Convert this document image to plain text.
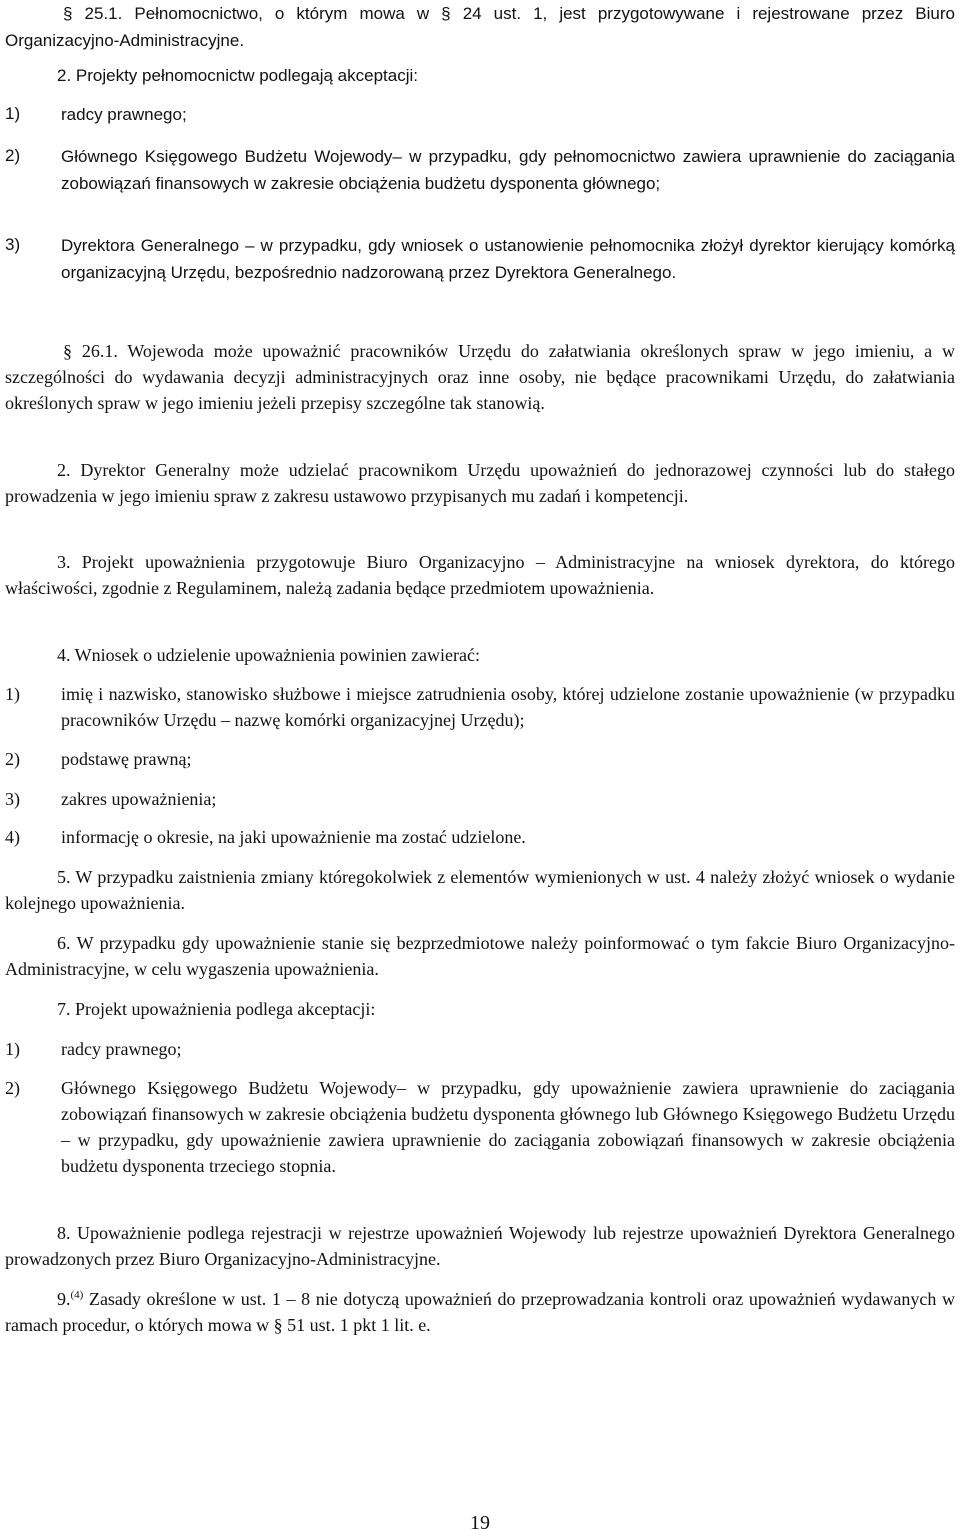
§ 25.1. Pełnomocnictwo, o którym mowa w § 24 ust. 1, jest przygotowywane i rejestrowane przez Biuro Organizacyjno-Administracyjne.

2. Projekty pełnomocnictw podlegają akceptacji:

1) radcy prawnego;
2) Głównego Księgowego Budżetu Wojewody– w przypadku, gdy pełnomocnictwo zawiera uprawnienie do zaciągania zobowiązań finansowych w zakresie obciążenia budżetu dysponenta głównego;
3) Dyrektora Generalnego – w przypadku, gdy wniosek o ustanowienie pełnomocnika złożył dyrektor kierujący komórką organizacyjną Urzędu, bezpośrednio nadzorowaną przez Dyrektora Generalnego.

§ 26.1. Wojewoda może upoważnić pracowników Urzędu do załatwiania określonych spraw w jego imieniu, a w szczególności do wydawania decyzji administracyjnych oraz inne osoby, nie będące pracownikami Urzędu, do załatwiania określonych spraw w jego imieniu jeżeli przepisy szczególne tak stanowią.

2. Dyrektor Generalny może udzielać pracownikom Urzędu upoważnień do jednorazowej czynności lub do stałego prowadzenia w jego imieniu spraw z zakresu ustawowo przypisanych mu zadań i kompetencji.

3. Projekt upoważnienia przygotowuje Biuro Organizacyjno – Administracyjne na wniosek dyrektora, do którego właściwości, zgodnie z Regulaminem, należą zadania będące przedmiotem upoważnienia.

4. Wniosek o udzielenie upoważnienia powinien zawierać:

1) imię i nazwisko, stanowisko służbowe i miejsce zatrudnienia osoby, której udzielone zostanie upoważnienie (w przypadku pracowników Urzędu – nazwę komórki organizacyjnej Urzędu);
2) podstawę prawną;
3) zakres upoważnienia;
4) informację o okresie, na jaki upoważnienie ma zostać udzielone.

5. W przypadku zaistnienia zmiany któregokolwiek z elementów wymienionych w ust. 4 należy złożyć wniosek o wydanie kolejnego upoważnienia.

6. W przypadku gdy upoważnienie stanie się bezprzedmiotowe należy poinformować o tym fakcie Biuro Organizacyjno-Administracyjne, w celu wygaszenia upoważnienia.

7. Projekt upoważnienia podlega akceptacji:

1) radcy prawnego;
2) Głównego Księgowego Budżetu Wojewody– w przypadku, gdy upoważnienie zawiera uprawnienie do zaciągania zobowiązań finansowych w zakresie obciążenia budżetu dysponenta głównego lub Głównego Księgowego Budżetu Urzędu – w przypadku, gdy upoważnienie zawiera uprawnienie do zaciągania zobowiązań finansowych w zakresie obciążenia budżetu dysponenta trzeciego stopnia.

8. Upoważnienie podlega rejestracji w rejestrze upoważnień Wojewody lub rejestrze upoważnień Dyrektora Generalnego prowadzonych przez Biuro Organizacyjno-Administracyjne.

9.$^{(4)}$ Zasady określone w ust. 1 – 8 nie dotyczą upoważnień do przeprowadzania kontroli oraz upoważnień wydawanych w ramach procedur, o których mowa w § 51 ust. 1 pkt 1 lit. e.

19
